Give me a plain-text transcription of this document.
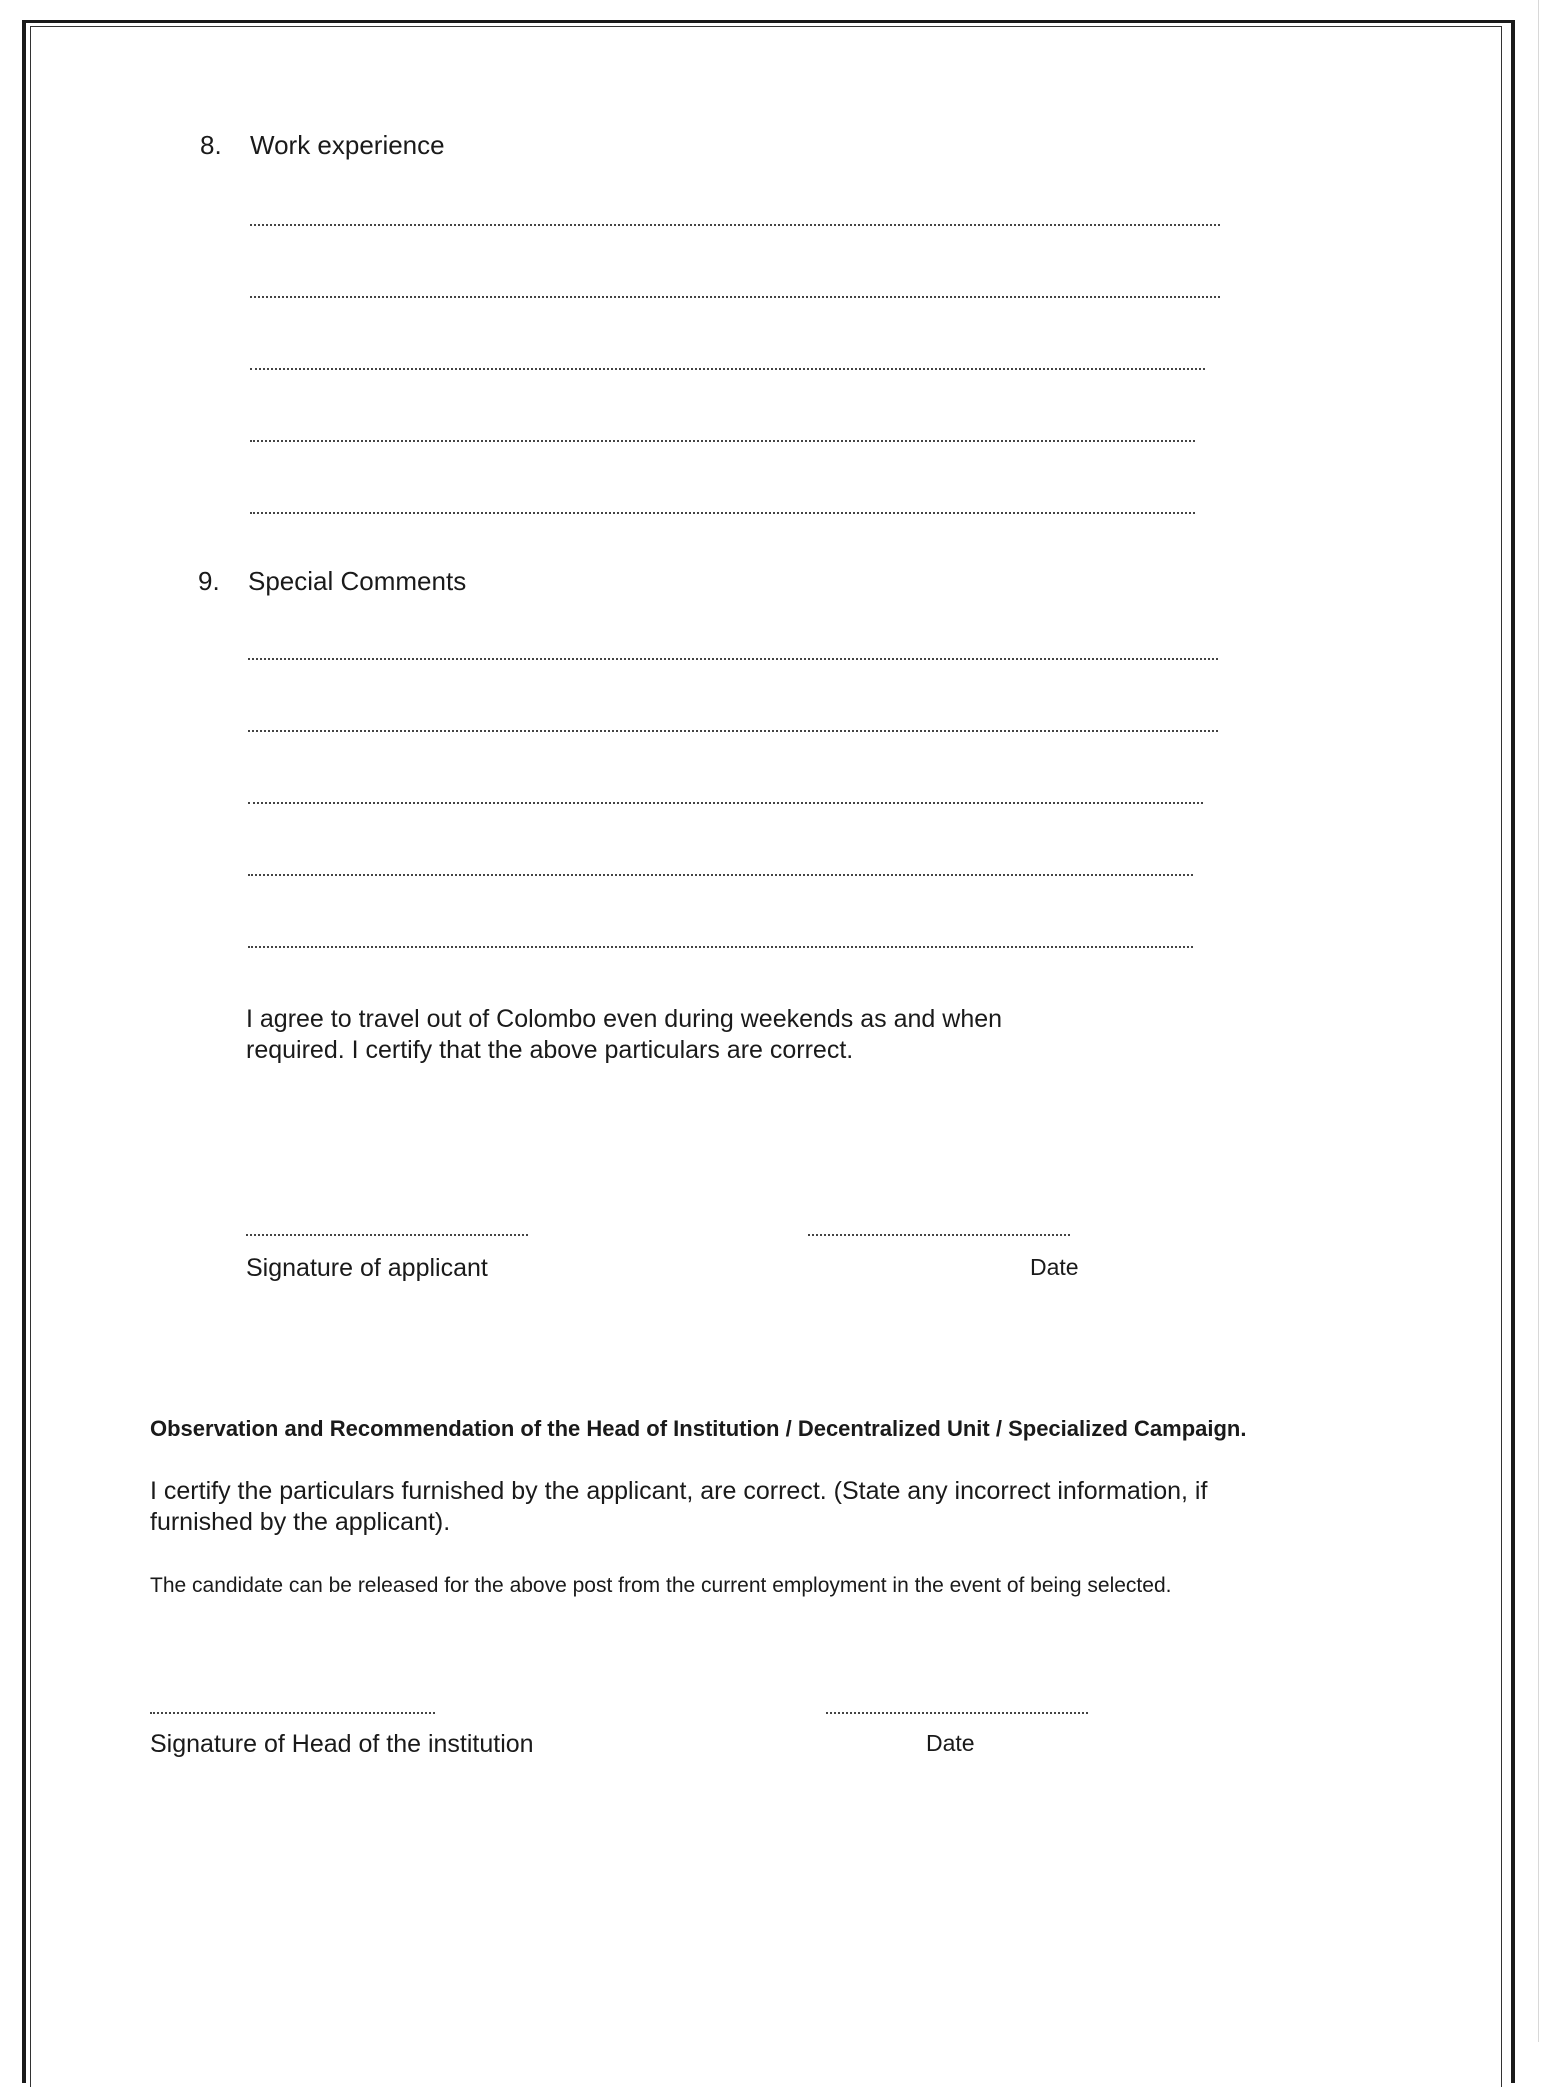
8. Work experience
9. Special Comments
I agree to travel out of Colombo even during weekends as and when
required. I certify that the above particulars are correct.
Signature of applicant	Date
Observation and Recommendation of the Head of Institution / Decentralized Unit / Specialized Campaign.
I certify the particulars furnished by the applicant, are correct. (State any incorrect information, if
furnished by the applicant).
The candidate can be released for the above post from the current employment in the event of being selected.
Signature of Head of the institution	Date
